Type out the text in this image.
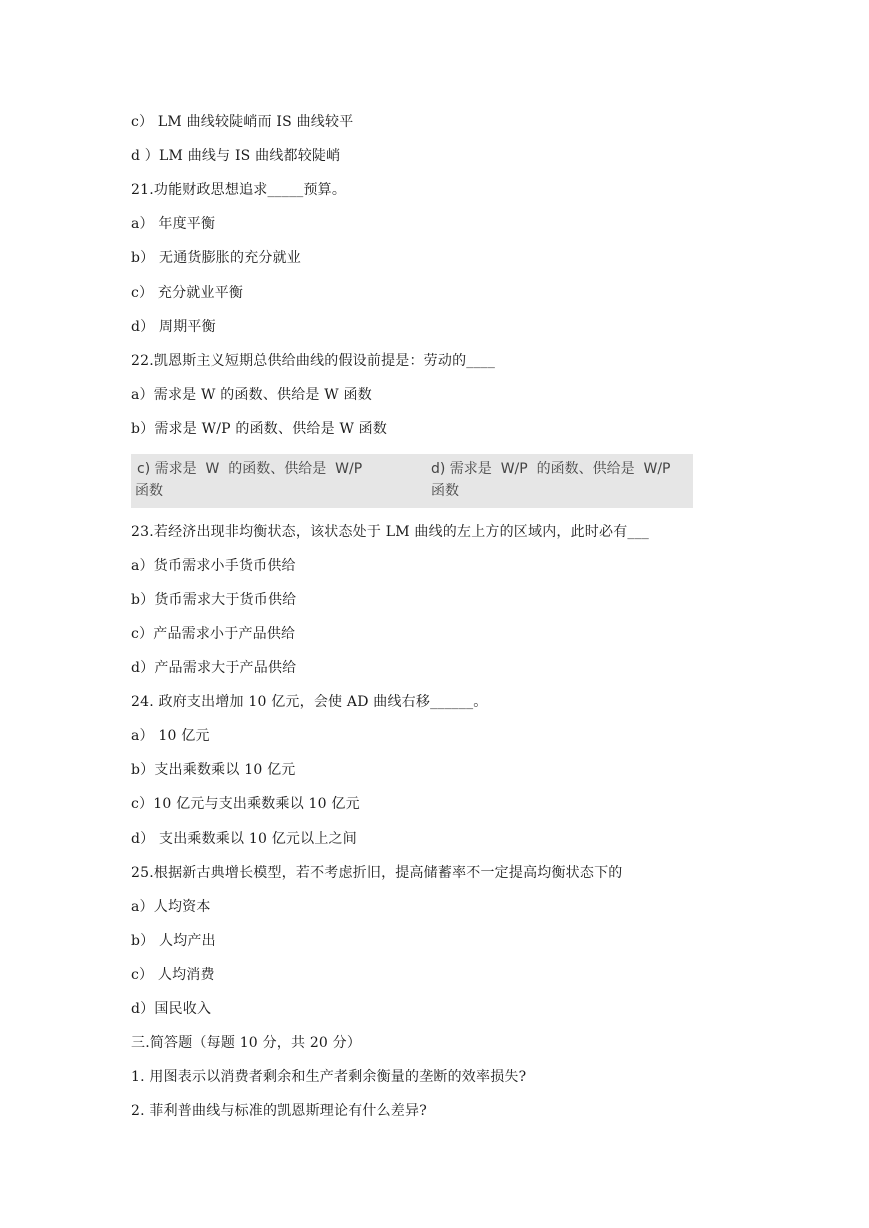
c） LM 曲线较陡峭而 IS 曲线较平
d ）LM 曲线与 IS 曲线都较陡峭
21.功能财政思想追求_____预算。
a） 年度平衡
b） 无通货膨胀的充分就业
c） 充分就业平衡
d） 周期平衡
22.凯恩斯主义短期总供给曲线的假设前提是：劳动的____
a）需求是 W 的函数、供给是 W 函数
b）需求是 W/P 的函数、供给是 W 函数
c) 需求是  W  的函数、供给是  W/P
函数
d) 需求是  W/P  的函数、供给是  W/P
函数
23.若经济出现非均衡状态，该状态处于 LM 曲线的左上方的区域内，此时必有___
a）货币需求小手货币供给
b）货币需求大于货币供给
c）产品需求小于产品供给
d）产品需求大于产品供给
24. 政府支出增加 10 亿元，会使 AD 曲线右移______。
a） 10 亿元
b）支出乘数乘以 10 亿元
c）10 亿元与支出乘数乘以 10 亿元
d） 支出乘数乘以 10 亿元以上之间
25.根据新古典增长模型，若不考虑折旧，提高储蓄率不一定提高均衡状态下的
a）人均资本
b） 人均产出
c） 人均消费
d）国民收入
三.简答题（每题 10 分，共 20 分）
1. 用图表示以消费者剩余和生产者剩余衡量的垄断的效率损失?
2. 菲利普曲线与标准的凯恩斯理论有什么差异?
